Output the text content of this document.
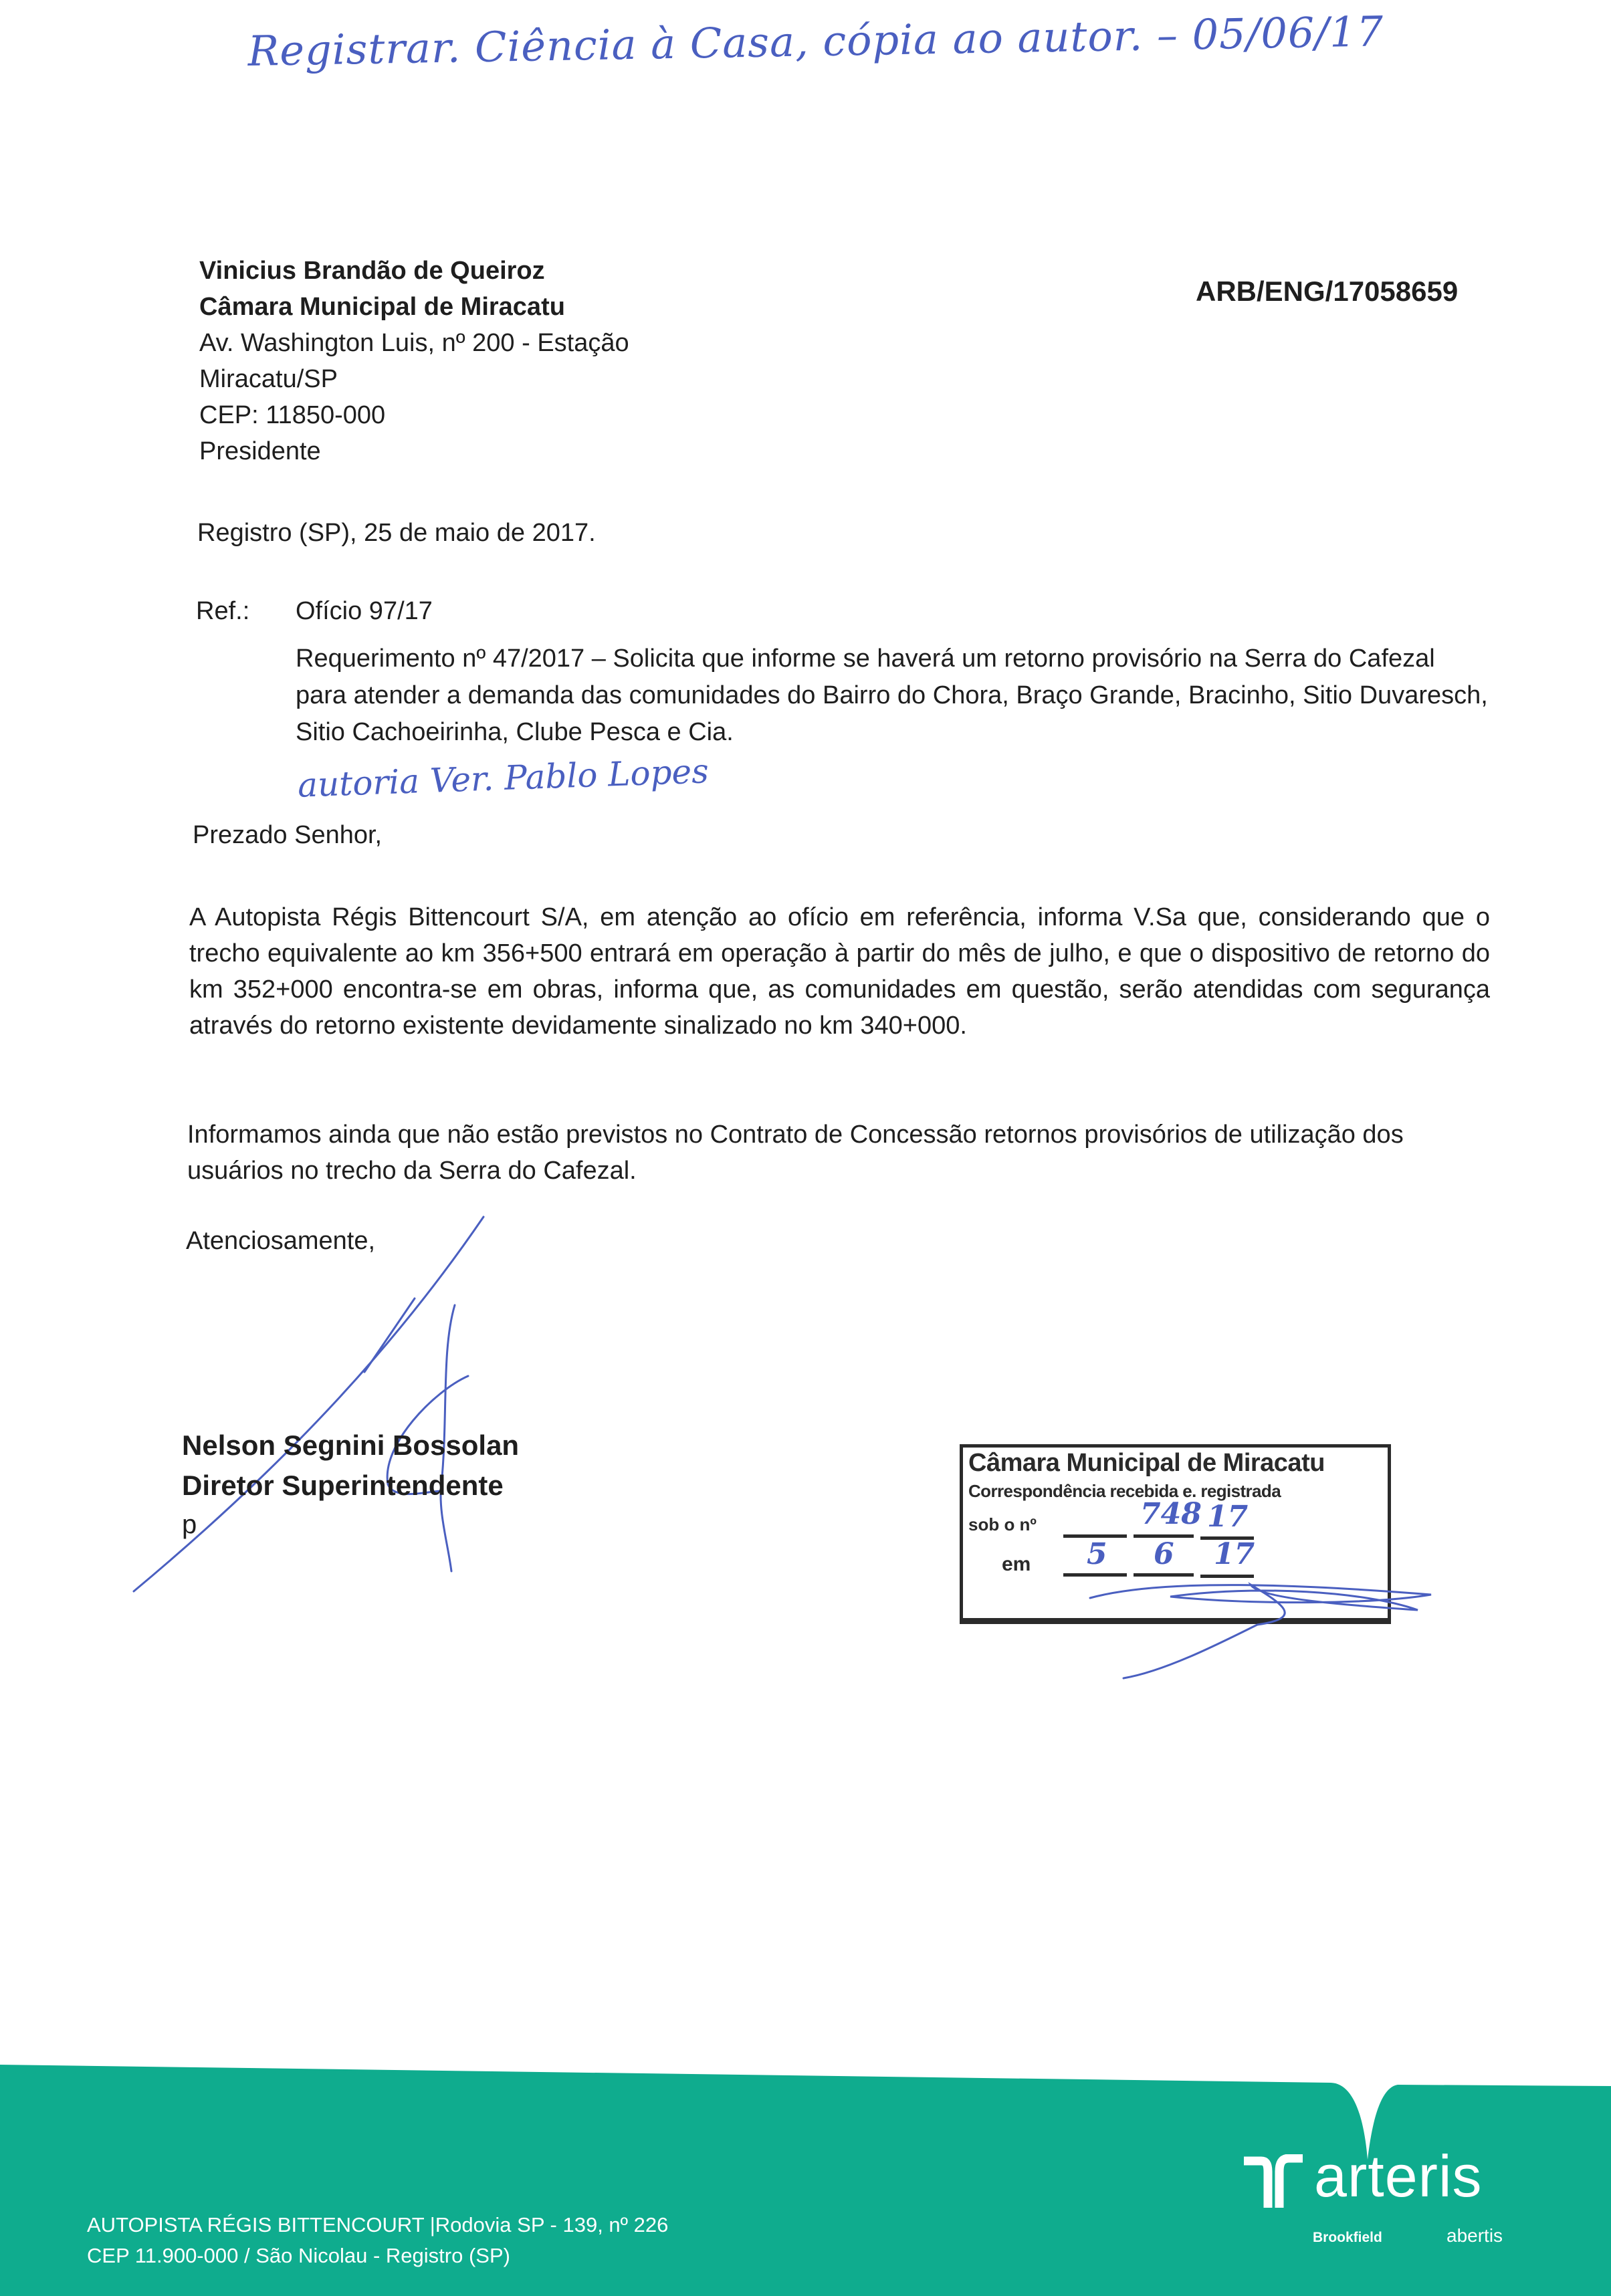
Registrar. Ciência à Casa, cópia ao autor. – 05/06/17
Vinicius Brandão de Queiroz
Câmara Municipal de Miracatu
Av. Washington Luis, nº 200 - Estação
Miracatu/SP
CEP: 11850-000
Presidente
ARB/ENG/17058659
Registro (SP), 25 de maio de 2017.
Ref.: Ofício 97/17
Requerimento nº 47/2017 – Solicita que informe se haverá um retorno provisório na Serra do Cafezal para atender a demanda das comunidades do Bairro do Chora, Braço Grande, Bracinho, Sitio Duvaresch, Sitio Cachoeirinha, Clube Pesca e Cia.
autoria Ver. Pablo Lopes
Prezado Senhor,
A Autopista Régis Bittencourt S/A, em atenção ao ofício em referência, informa V.Sa que, considerando que o trecho equivalente ao km 356+500 entrará em operação à partir do mês de julho, e que o dispositivo de retorno do km 352+000 encontra-se em obras, informa que, as comunidades em questão, serão atendidas com segurança através do retorno existente devidamente sinalizado no km 340+000.
Informamos ainda que não estão previstos no Contrato de Concessão retornos provisórios de utilização dos usuários no trecho da Serra do Cafezal.
Atenciosamente,
Nelson Segnini Bossolan
Diretor Superintendente
p
Câmara Municipal de Miracatu
Correspondência recebida e. registrada
sob o nº	748 17
em 5 6 17
AUTOPISTA RÉGIS BITTENCOURT |Rodovia SP - 139, nº 226
CEP 11.900-000 / São Nicolau - Registro (SP)
arteris
Brookfield	abertis
